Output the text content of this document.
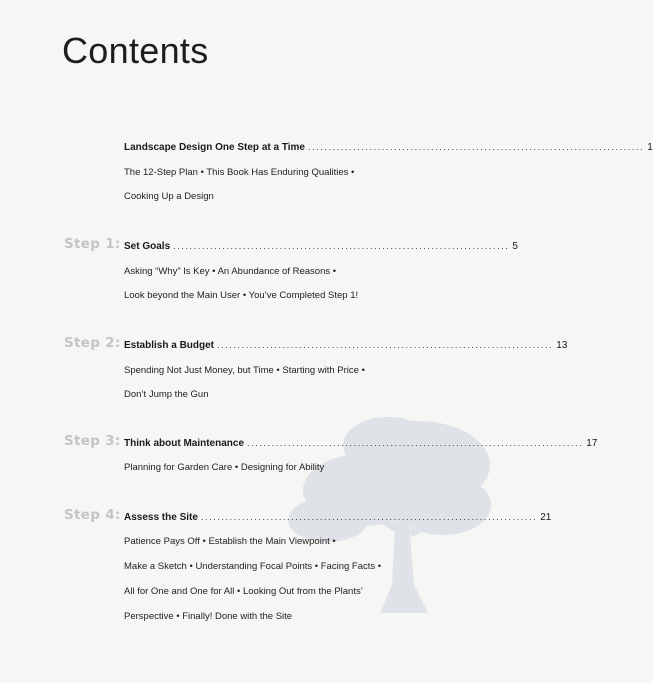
Contents
Landscape Design One Step at a Time .................................................................................. 1
The 12-Step Plan • This Book Has Enduring Qualities •
Cooking Up a Design
Step 1: Set Goals .................................................................................. 5
Asking “Why” Is Key • An Abundance of Reasons •
Look beyond the Main User • You’ve Completed Step 1!
Step 2: Establish a Budget .................................................................................. 13
Spending Not Just Money, but Time • Starting with Price •
Don’t Jump the Gun
Step 3: Think about Maintenance .................................................................................. 17
Planning for Garden Care • Designing for Ability
Step 4: Assess the Site .................................................................................. 21
Patience Pays Off • Establish the Main Viewpoint •
Make a Sketch • Understanding Focal Points • Facing Facts •
All for One and One for All • Looking Out from the Plants’
Perspective • Finally! Done with the Site
